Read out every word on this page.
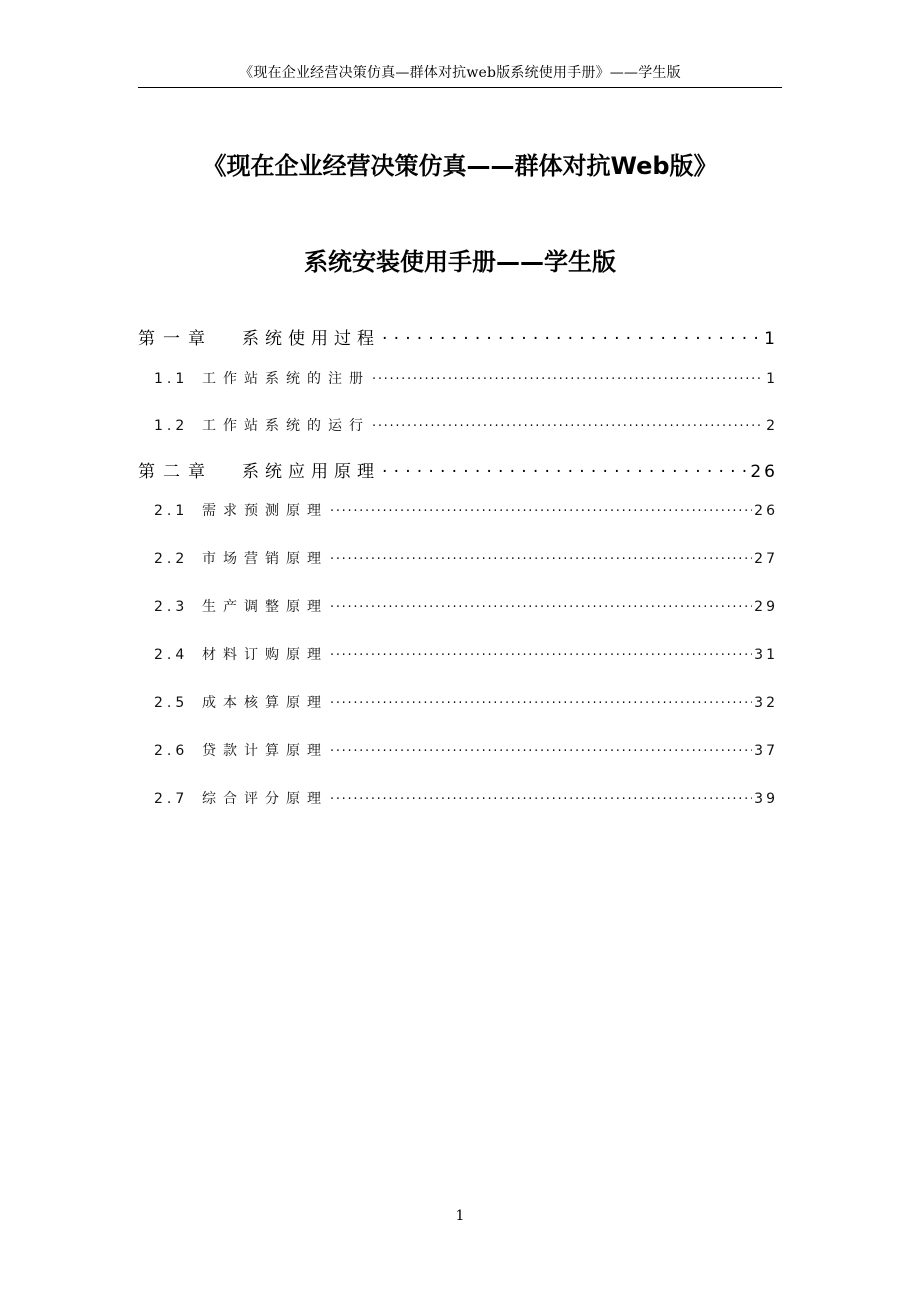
《现在企业经营决策仿真—群体对抗web版系统使用手册》——学生版
《现在企业经营决策仿真——群体对抗Web版》
系统安装使用手册——学生版
第一章	系统使用过程 .....	1
1.1 工作站系统的注册 .....	1
1.2 工作站系统的运行 .....	2
第二章	系统应用原理 .....	26
2.1 需求预测原理 .....	26
2.2 市场营销原理 .....	27
2.3 生产调整原理 .....	29
2.4 材料订购原理 .....	31
2.5 成本核算原理 .....	32
2.6 贷款计算原理 .....	37
2.7 综合评分原理 .....	39
1
